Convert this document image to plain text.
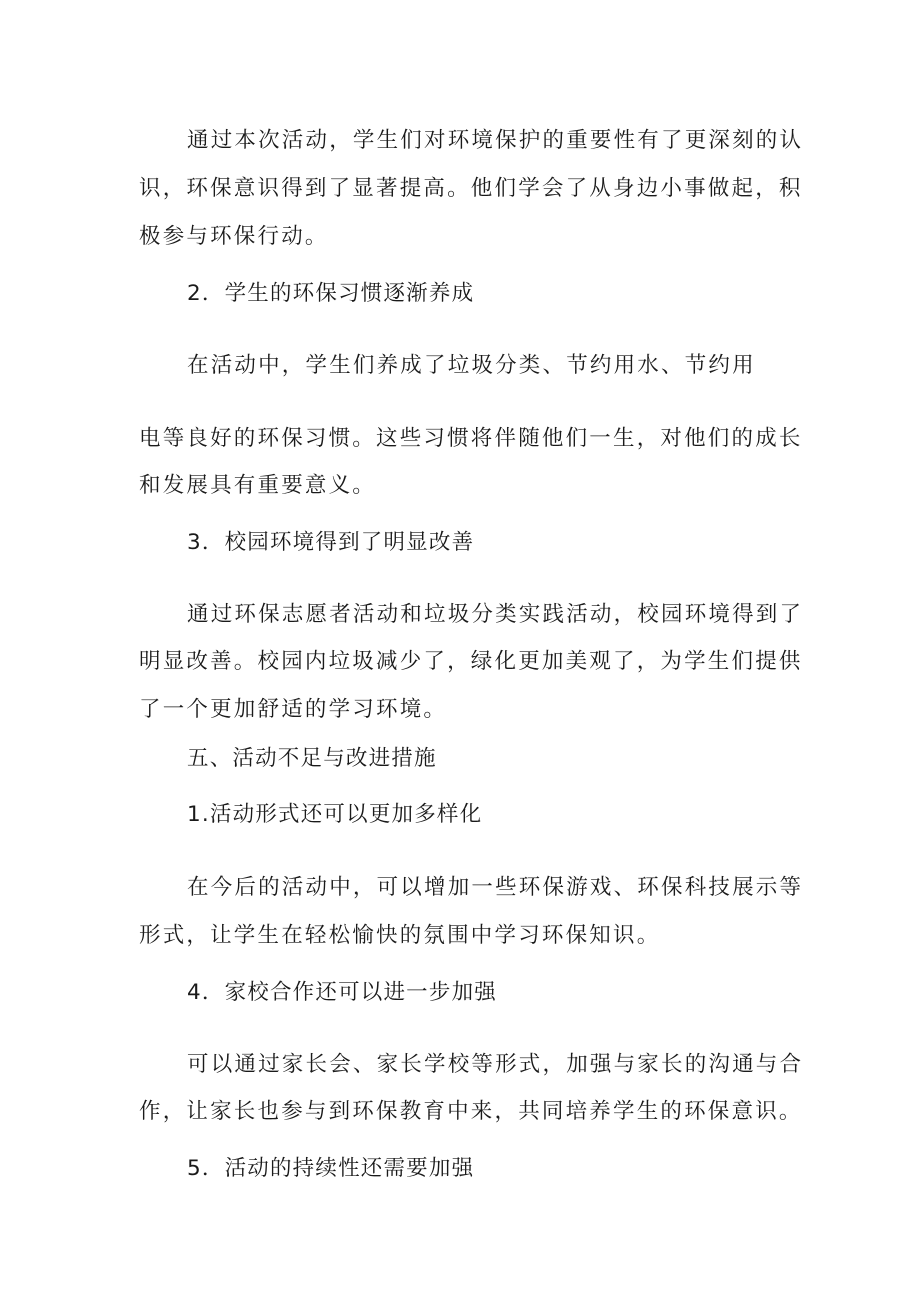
通过本次活动，学生们对环境保护的重要性有了更深刻的认

识，环保意识得到了显著提高。他们学会了从身边小事做起，积

极参与环保行动。

2．学生的环保习惯逐渐养成

在活动中，学生们养成了垃圾分类、节约用水、节约用

电等良好的环保习惯。这些习惯将伴随他们一生，对他们的成长

和发展具有重要意义。

3．校园环境得到了明显改善

通过环保志愿者活动和垃圾分类实践活动，校园环境得到了

明显改善。校园内垃圾减少了，绿化更加美观了，为学生们提供

了一个更加舒适的学习环境。

五、活动不足与改进措施

1.活动形式还可以更加多样化

在今后的活动中，可以增加一些环保游戏、环保科技展示等

形式，让学生在轻松愉快的氛围中学习环保知识。

4．家校合作还可以进一步加强

可以通过家长会、家长学校等形式，加强与家长的沟通与合

作，让家长也参与到环保教育中来，共同培养学生的环保意识。

5．活动的持续性还需要加强
